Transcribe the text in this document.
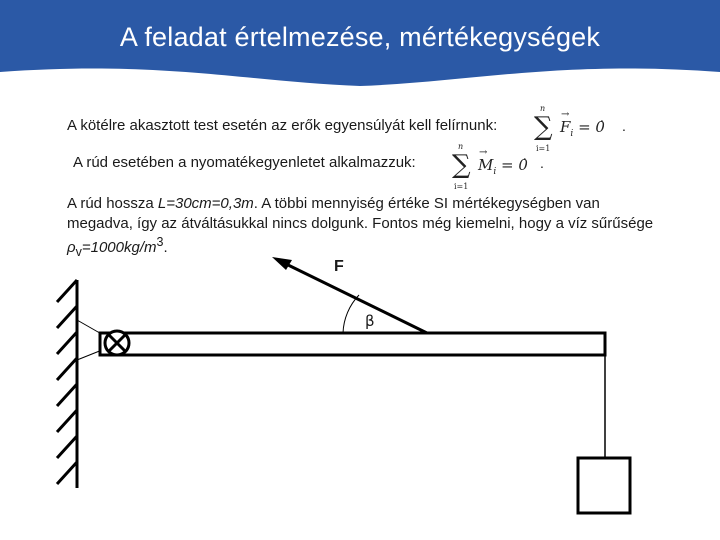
A feladat értelmezése, mértékegységek
A kötélre akasztott test esetén az erők egyensúlyát kell felírnunk:
n
∑
i=1
→
$F_i$ = 0̇ .
A rúd esetében a nyomatékegyenletet alkalmazzuk:
n
∑
i=1
→
$M_i$ = 0̇ .
A rúd hossza L=30cm=0,3m. A többi mennyiség értéke SI mértékegységben van megadva, így az átváltásukkal nincs dolgunk. Fontos még kiemelni, hogy a víz sűrűsége $\rho_v=1000kg/m^3$.
F
β
